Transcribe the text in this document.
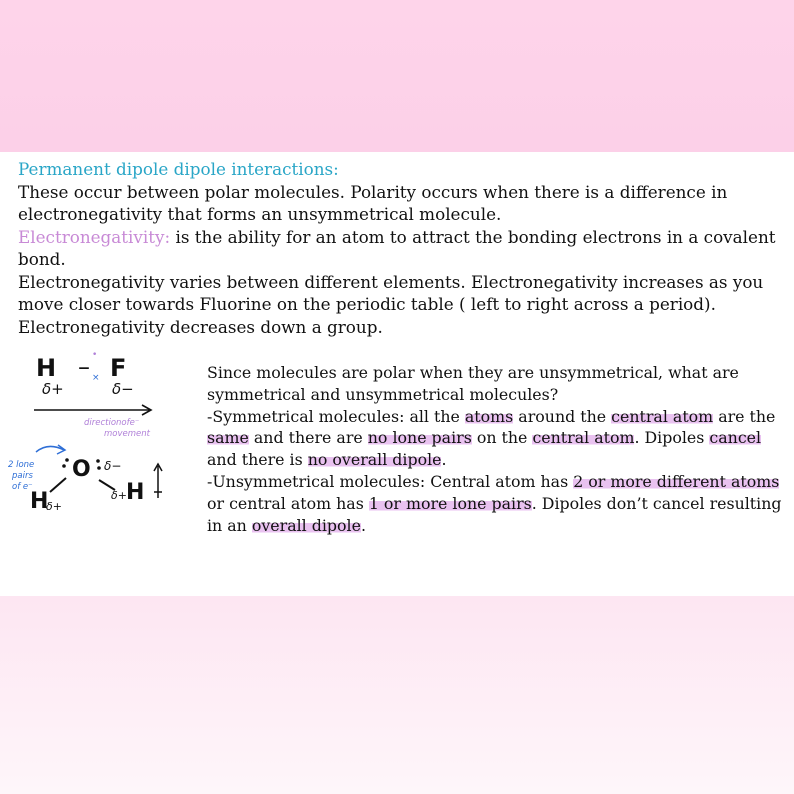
Permanent dipole dipole interactions:

These occur between polar molecules. Polarity occurs when there is a difference in electronegativity that forms an unsymmetrical molecule.

Electronegativity: is the ability for an atom to attract the bonding electrons in a covalent bond.

Electronegativity varies between different elements. Electronegativity increases as you move closer towards Fluorine on the periodic table ( left to right across a period). Electronegativity decreases down a group.

H – F
•
×
δ+	δ−
directionofe⁻
movement
2 lone
pairs
of e⁻
O δ−
H
δ+
δ+ H

Since molecules are polar when they are unsymmetrical, what are symmetrical and unsymmetrical molecules?

-Symmetrical molecules: all the atoms around the central atom are the same and there are no lone pairs on the central atom. Dipoles cancel and there is no overall dipole.

-Unsymmetrical molecules: Central atom has 2 or more different atoms or central atom has 1 or more lone pairs. Dipoles don’t cancel resulting in an overall dipole.
